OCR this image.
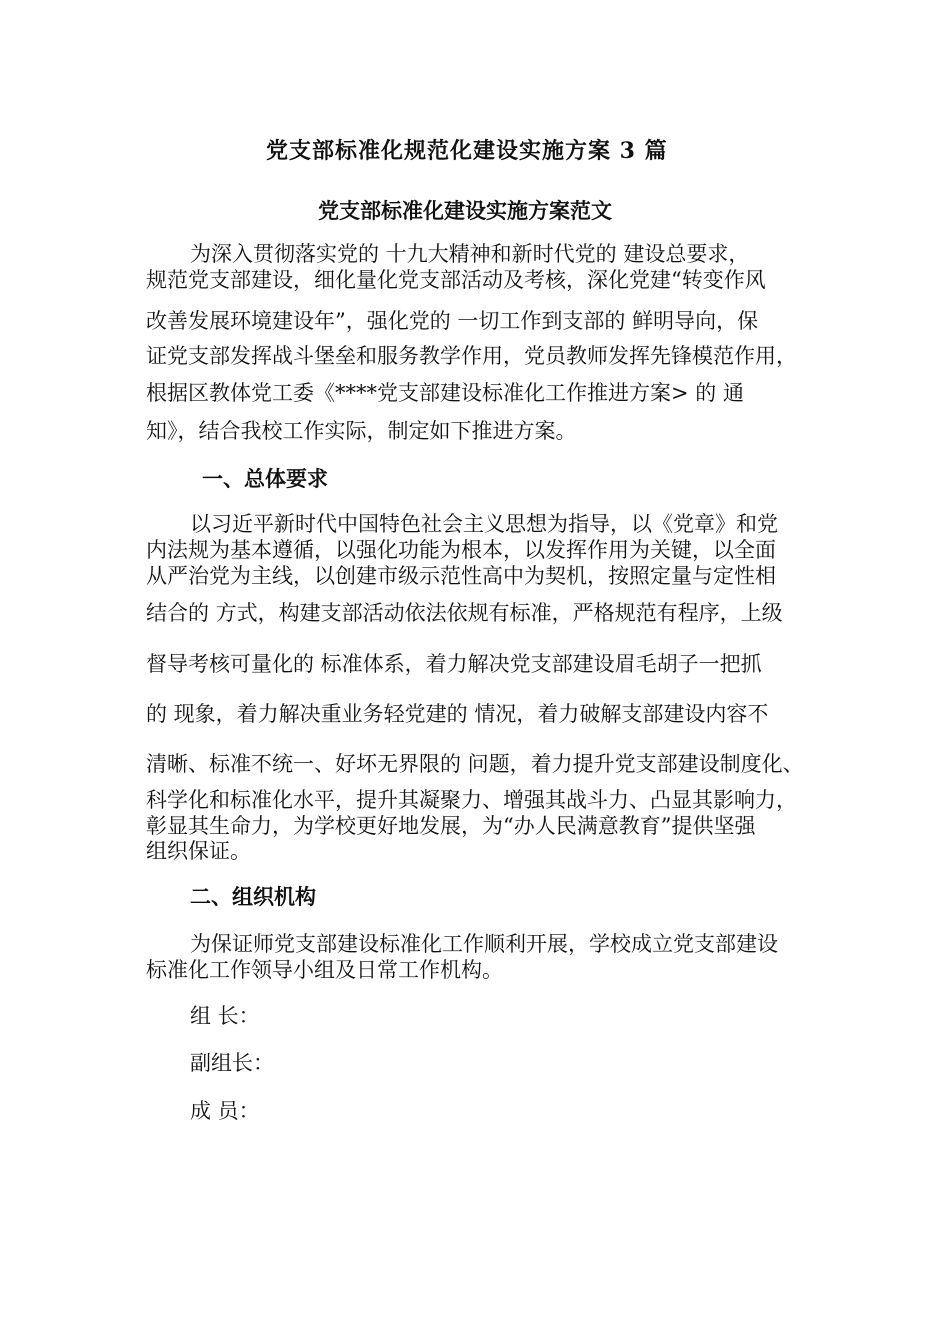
党支部标准化规范化建设实施方案 3 篇
党支部标准化建设实施方案范文
为深入贯彻落实党的 十九大精神和新时代党的 建设总要求，
规范党支部建设，细化量化党支部活动及考核，深化党建“转变作风
改善发展环境建设年”，强化党的 一切工作到支部的 鲜明导向，保
证党支部发挥战斗堡垒和服务教学作用，党员教师发挥先锋模范作用，
根据区教体党工委《****党支部建设标准化工作推进方案> 的 通
知》，结合我校工作实际，制定如下推进方案。
一、总体要求
以习近平新时代中国特色社会主义思想为指导，以《党章》和党
内法规为基本遵循，以强化功能为根本，以发挥作用为关键，以全面
从严治党为主线，以创建市级示范性高中为契机，按照定量与定性相
结合的 方式，构建支部活动依法依规有标准，严格规范有程序，上级
督导考核可量化的 标准体系，着力解决党支部建设眉毛胡子一把抓
的 现象，着力解决重业务轻党建的 情况，着力破解支部建设内容不
清晰、标准不统一、好坏无界限的 问题，着力提升党支部建设制度化、
科学化和标准化水平，提升其凝聚力、增强其战斗力、凸显其影响力，
彰显其生命力，为学校更好地发展，为“办人民满意教育”提供坚强
组织保证。
二、组织机构
为保证师党支部建设标准化工作顺利开展，学校成立党支部建设
标准化工作领导小组及日常工作机构。
组 长：
副组长：
成 员：
